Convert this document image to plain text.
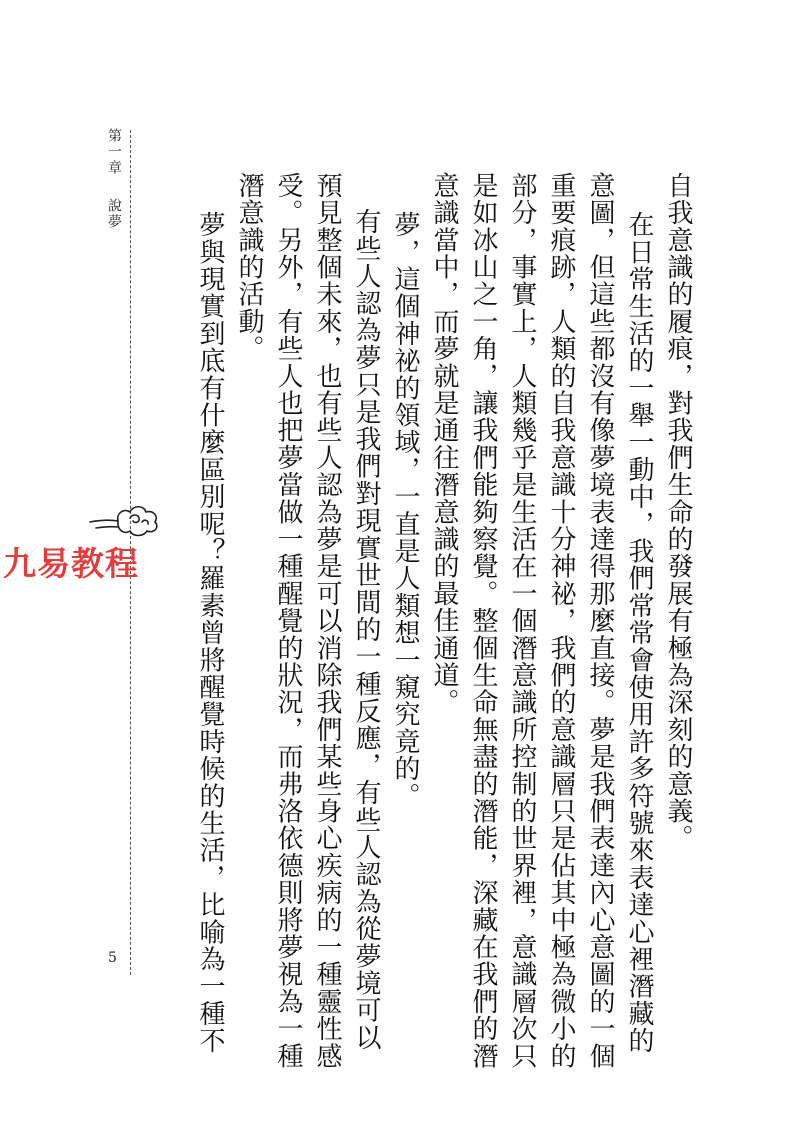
第一章說夢
5
自我意識的履痕，對我們生命的發展有極為深刻的意義。
　在日常生活的一舉一動中，我們常常會使用許多符號來表達心裡潛藏的
意圖，但這些都沒有像夢境表達得那麼直接。夢是我們表達內心意圖的一個
重要痕跡，人類的自我意識十分神祕，我們的意識層只是佔其中極為微小的
部分，事實上，人類幾乎是生活在一個潛意識所控制的世界裡，意識層次只
是如冰山之一角，讓我們能夠察覺。整個生命無盡的潛能，深藏在我們的潛
意識當中，而夢就是通往潛意識的最佳通道。
　夢，這個神祕的領域，一直是人類想一窺究竟的。
有些人認為夢只是我們對現實世間的一種反應，有些人認為從夢境可以
預見整個未來，也有些人認為夢是可以消除我們某些身心疾病的一種靈性感
受。另外，有些人也把夢當做一種醒覺的狀況，而弗洛依德則將夢視為一種
潛意識的活動。
　夢與現實到底有什麼區別呢？羅素曾將醒覺時候的生活，比喻為一種不
九易教程
